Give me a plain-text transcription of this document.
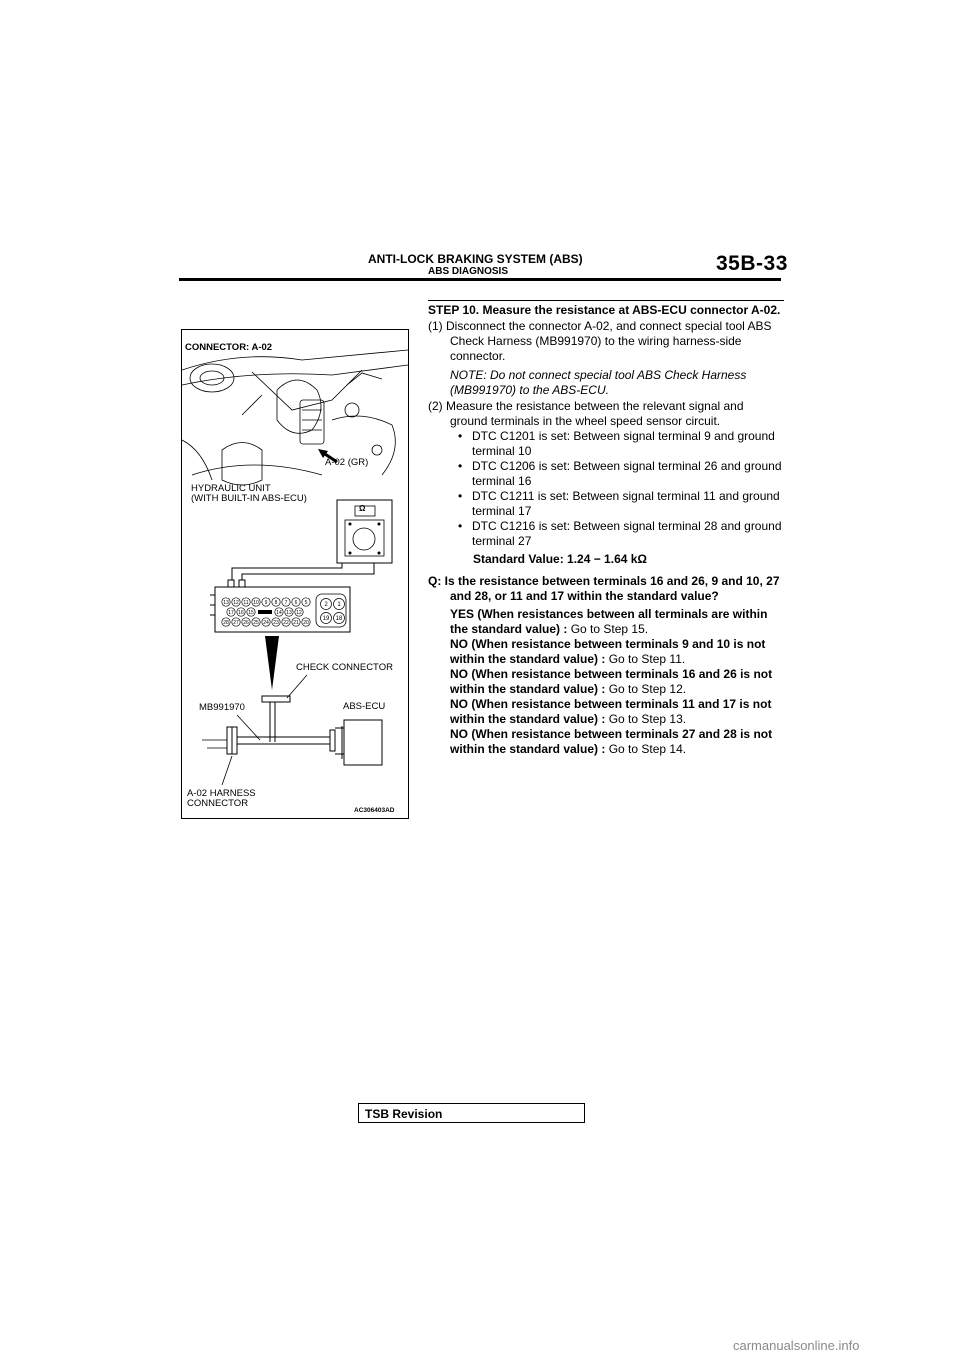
ANTI-LOCK BRAKING SYSTEM (ABS)
ABS DIAGNOSIS	35B-33
13 12 11 10 9 8 7 6 5
17 16 15	14 13 12
28 27 26 25 24 23 22 21 20
2 1
19 18
CONNECTOR: A-02
A-02 (GR)
HYDRAULIC UNIT
(WITH BUILT-IN ABS-ECU)
Ω
CHECK CONNECTOR
MB991970	ABS-ECU
A-02 HARNESS
CONNECTOR
AC306403AD
STEP 10. Measure the resistance at ABS-ECU connector A-02.
(1) Disconnect the connector A-02, and connect special tool ABS Check Harness (MB991970) to the wiring harness-side connector.
NOTE: Do not connect special tool ABS Check Harness (MB991970) to the ABS-ECU.
(2) Measure the resistance between the relevant signal and ground terminals in the wheel speed sensor circuit.
• DTC C1201 is set: Between signal terminal 9 and ground terminal 10
• DTC C1206 is set: Between signal terminal 26 and ground terminal 16
• DTC C1211 is set: Between signal terminal 11 and ground terminal 17
• DTC C1216 is set: Between signal terminal 28 and ground terminal 27
Standard Value: 1.24 − 1.64 kΩ
Q: Is the resistance between terminals 16 and 26, 9 and 10, 27 and 28, or 11 and 17 within the standard value?

YES (When resistances between all terminals are within the standard value) : Go to Step 15.

NO (When resistance between terminals 9 and 10 is not within the standard value) : Go to Step 11.

NO (When resistance between terminals 16 and 26 is not within the standard value) : Go to Step 12.

NO (When resistance between terminals 11 and 17 is not within the standard value) : Go to Step 13.

NO (When resistance between terminals 27 and 28 is not within the standard value) : Go to Step 14.

TSB Revision
carmanualsonline.info
